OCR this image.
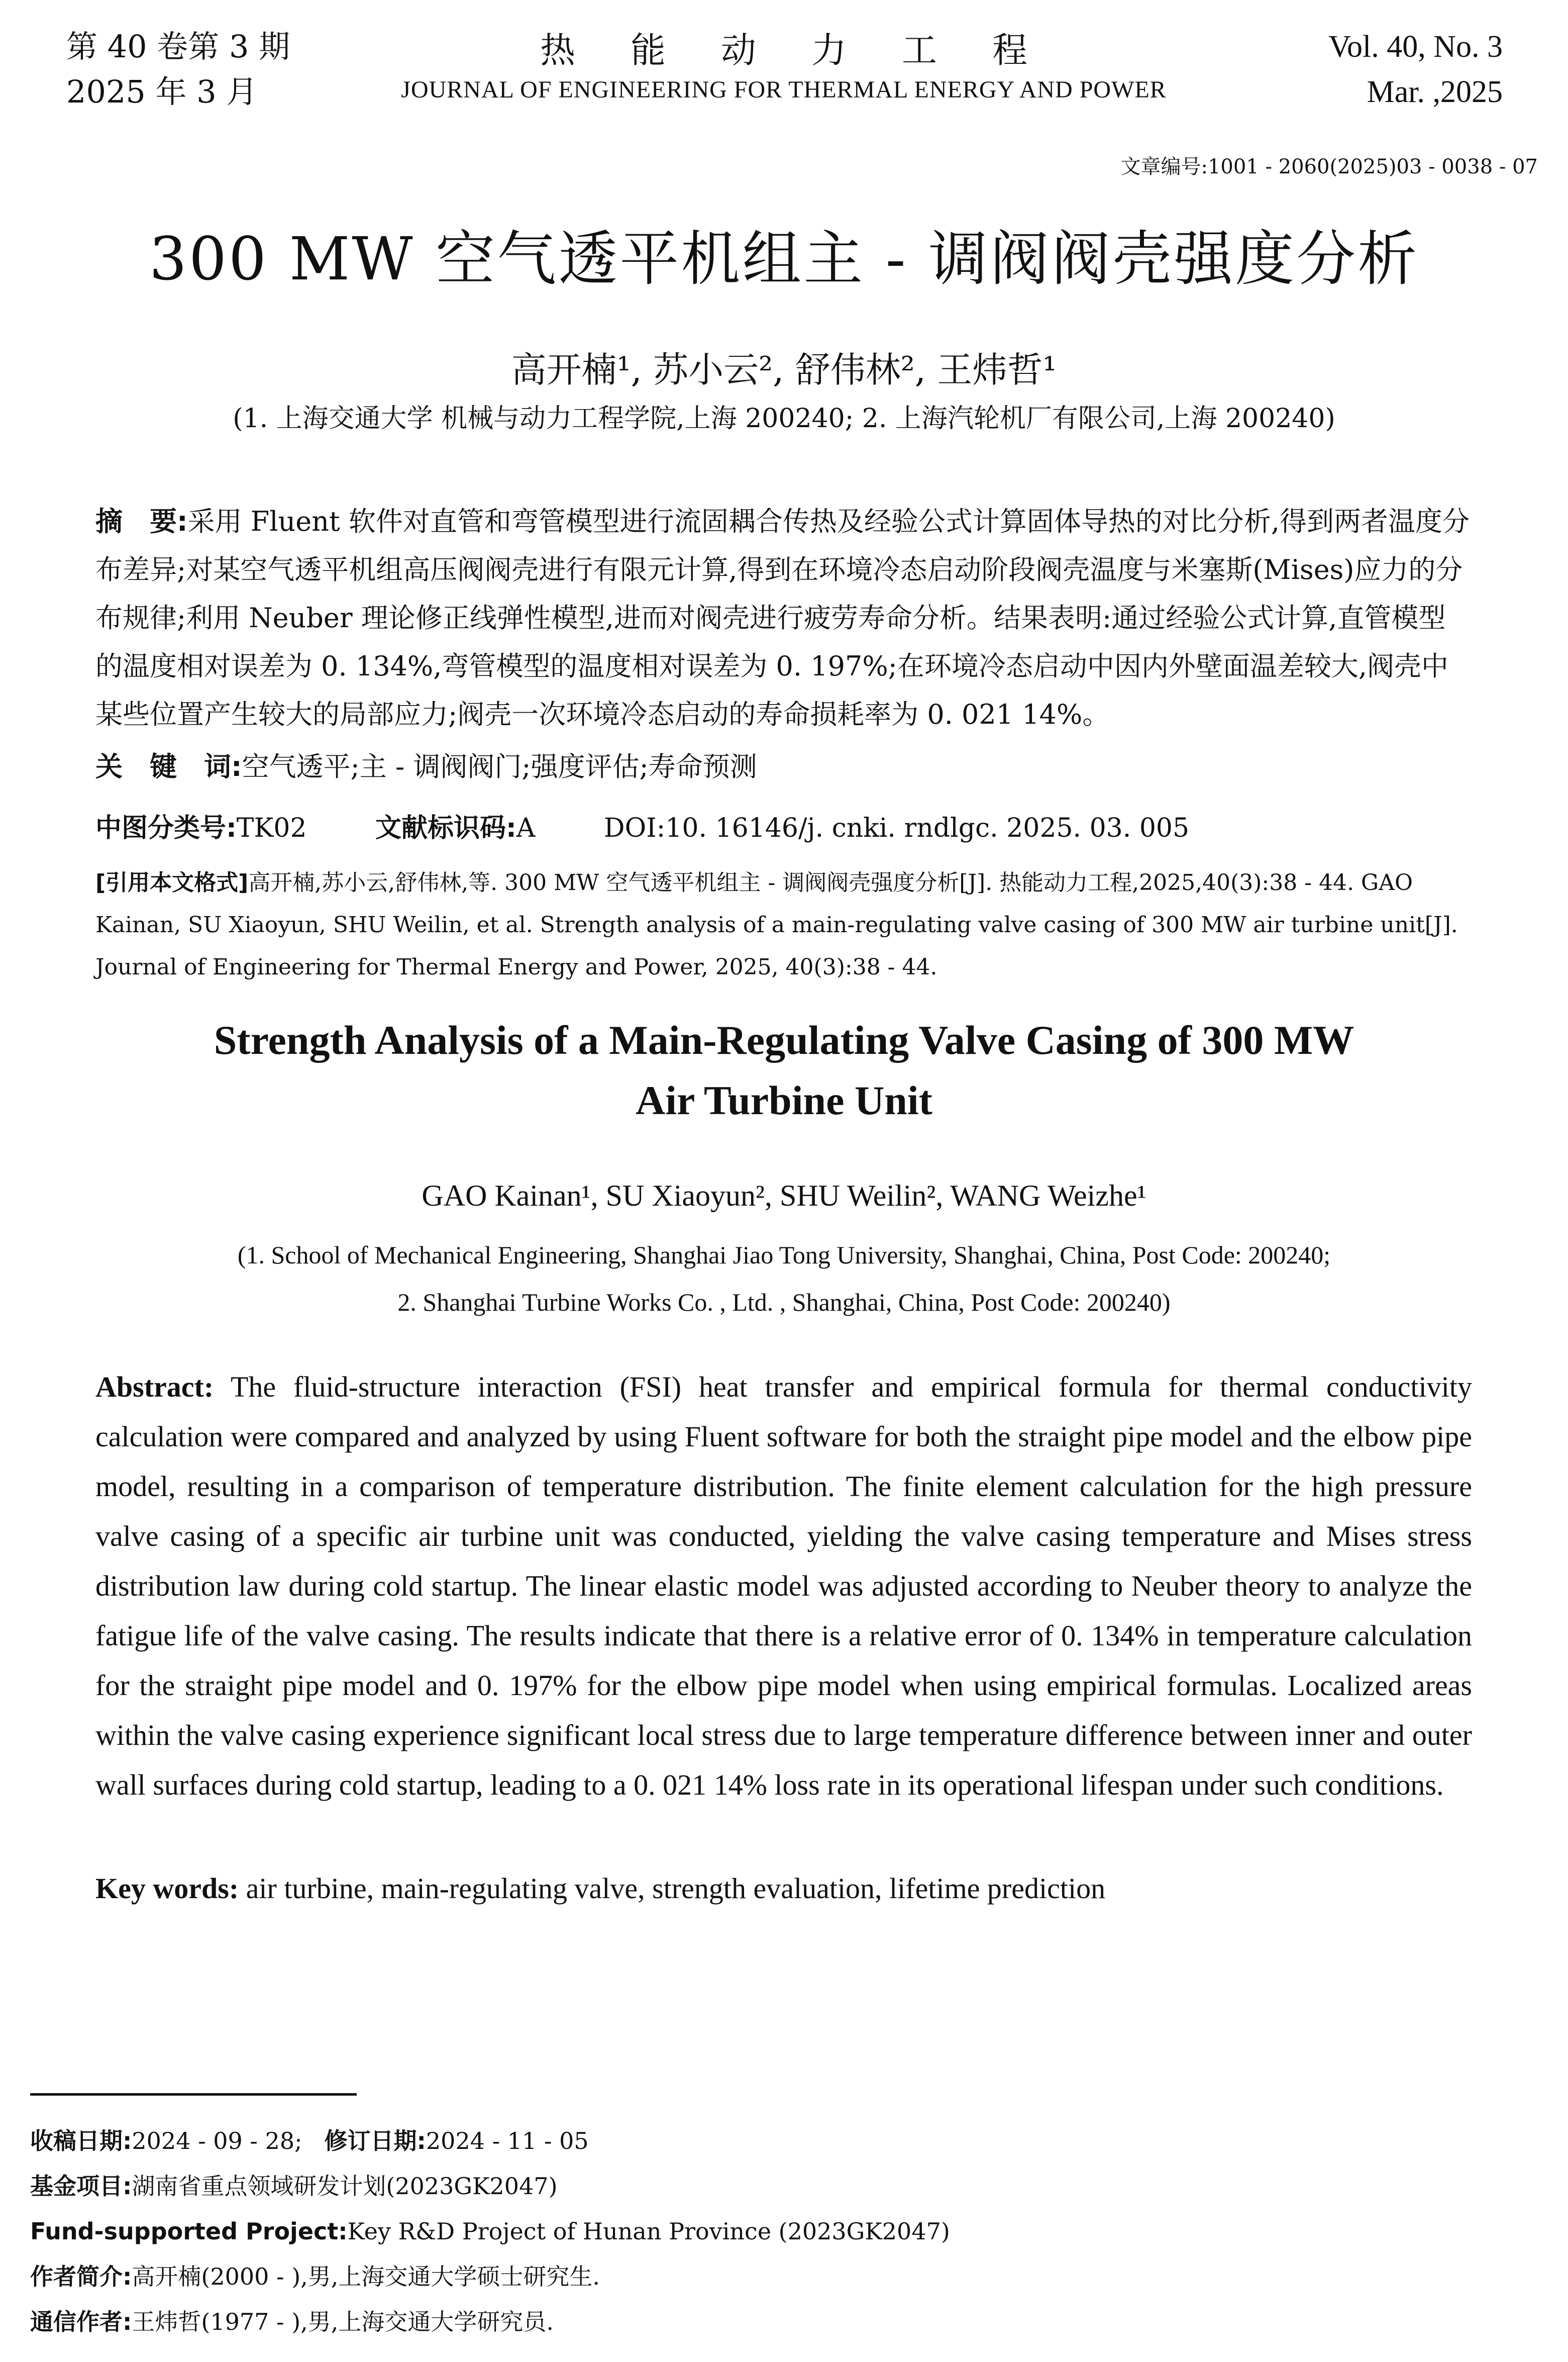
第 40 卷第 3 期
2025 年 3 月
热能动力工程
JOURNAL OF ENGINEERING FOR THERMAL ENERGY AND POWER
Vol. 40, No. 3
Mar. ,2025
文章编号:1001 - 2060(2025)03 - 0038 - 07
300 MW 空气透平机组主 - 调阀阀壳强度分析
高开楠¹, 苏小云², 舒伟林², 王炜哲¹
(1. 上海交通大学 机械与动力工程学院,上海 200240; 2. 上海汽轮机厂有限公司,上海 200240)
摘　要:采用 Fluent 软件对直管和弯管模型进行流固耦合传热及经验公式计算固体导热的对比分析,得到两者温度分布差异;对某空气透平机组高压阀阀壳进行有限元计算,得到在环境冷态启动阶段阀壳温度与米塞斯(Mises)应力的分布规律;利用 Neuber 理论修正线弹性模型,进而对阀壳进行疲劳寿命分析。结果表明:通过经验公式计算,直管模型的温度相对误差为 0. 134%,弯管模型的温度相对误差为 0. 197%;在环境冷态启动中因内外壁面温差较大,阀壳中某些位置产生较大的局部应力;阀壳一次环境冷态启动的寿命损耗率为 0. 021 14%。
关　键　词:空气透平;主 - 调阀阀门;强度评估;寿命预测
中图分类号:TK02	文献标识码:A	DOI:10. 16146/j. cnki. rndlgc. 2025. 03. 005
[引用本文格式]高开楠,苏小云,舒伟林,等. 300 MW 空气透平机组主 - 调阀阀壳强度分析[J]. 热能动力工程,2025,40(3):38 - 44. GAO Kainan, SU Xiaoyun, SHU Weilin, et al. Strength analysis of a main-regulating valve casing of 300 MW air turbine unit[J]. Journal of Engineering for Thermal Energy and Power, 2025, 40(3):38 - 44.
Strength Analysis of a Main-Regulating Valve Casing of 300 MW
Air Turbine Unit
GAO Kainan¹, SU Xiaoyun², SHU Weilin², WANG Weizhe¹
(1. School of Mechanical Engineering, Shanghai Jiao Tong University, Shanghai, China, Post Code: 200240;
2. Shanghai Turbine Works Co. , Ltd. , Shanghai, China, Post Code: 200240)
Abstract: The fluid-structure interaction (FSI) heat transfer and empirical formula for thermal conductivity calculation were compared and analyzed by using Fluent software for both the straight pipe model and the elbow pipe model, resulting in a comparison of temperature distribution. The finite element calculation for the high pressure valve casing of a specific air turbine unit was conducted, yielding the valve casing temperature and Mises stress distribution law during cold startup. The linear elastic model was adjusted according to Neuber theory to analyze the fatigue life of the valve casing. The results indicate that there is a relative error of 0. 134% in temperature calculation for the straight pipe model and 0. 197% for the elbow pipe model when using empirical formulas. Localized areas within the valve casing experience significant local stress due to large temperature difference between inner and outer wall surfaces during cold startup, leading to a 0. 021 14% loss rate in its operational lifespan under such conditions.
Key words: air turbine, main-regulating valve, strength evaluation, lifetime prediction
收稿日期:2024 - 09 - 28; 修订日期:2024 - 11 - 05
基金项目:湖南省重点领域研发计划(2023GK2047)
Fund-supported Project:Key R&D Project of Hunan Province (2023GK2047)
作者简介:高开楠(2000 - ),男,上海交通大学硕士研究生.
通信作者:王炜哲(1977 - ),男,上海交通大学研究员.
